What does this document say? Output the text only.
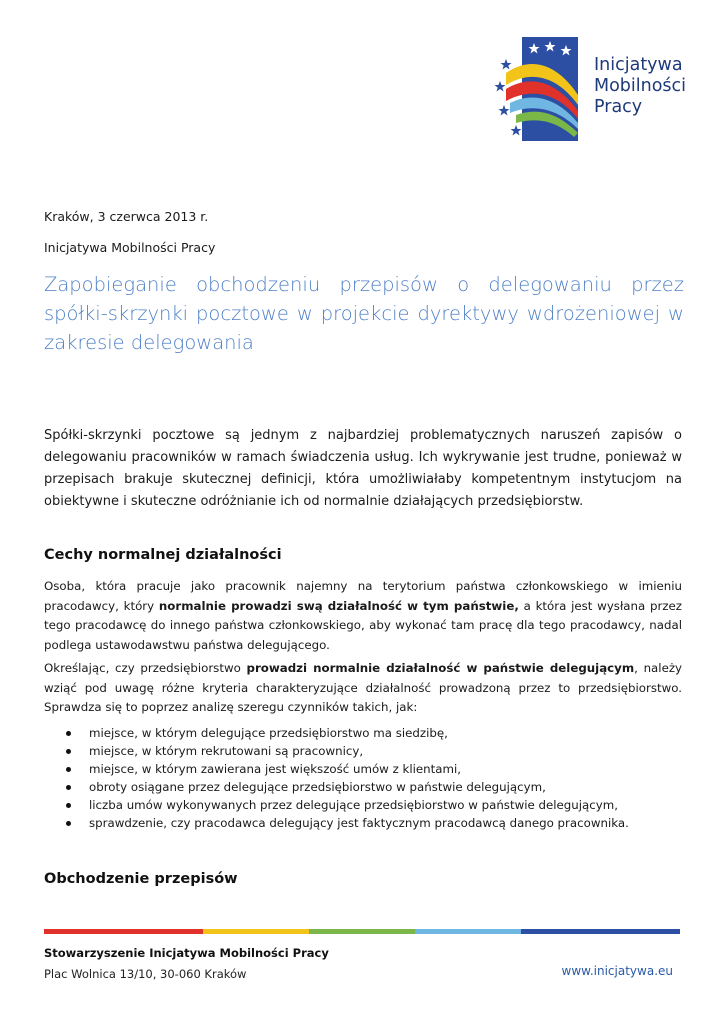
Inicjatywa
Mobilności
Pracy
Kraków, 3 czerwca 2013 r.
Inicjatywa Mobilności Pracy
Zapobieganie obchodzeniu przepisów o delegowaniu przez spółki-skrzynki pocztowe w projekcie dyrektywy wdrożeniowej w zakresie delegowania

Spółki-skrzynki pocztowe są jednym z najbardziej problematycznych naruszeń zapisów o delegowaniu pracowników w ramach świadczenia usług. Ich wykrywanie jest trudne, ponieważ w przepisach brakuje skutecznej definicji, która umożliwiałaby kompetentnym instytucjom na obiektywne i skuteczne odróżnianie ich od normalnie działających przedsiębiorstw.

Cechy normalnej działalności

Osoba, która pracuje jako pracownik najemny na terytorium państwa członkowskiego w imieniu pracodawcy, który normalnie prowadzi swą działalność w tym państwie, a która jest wysłana przez tego pracodawcę do innego państwa członkowskiego, aby wykonać tam pracę dla tego pracodawcy, nadal podlega ustawodawstwu państwa delegującego.

Określając, czy przedsiębiorstwo prowadzi normalnie działalność w państwie delegującym, należy wziąć pod uwagę różne kryteria charakteryzujące działalność prowadzoną przez to przedsiębiorstwo. Sprawdza się to poprzez analizę szeregu czynników takich, jak:

miejsce, w którym delegujące przedsiębiorstwo ma siedzibę,
miejsce, w którym rekrutowani są pracownicy,
miejsce, w którym zawierana jest większość umów z klientami,
obroty osiągane przez delegujące przedsiębiorstwo w państwie delegującym,
liczba umów wykonywanych przez delegujące przedsiębiorstwo w państwie delegującym,
sprawdzenie, czy pracodawca delegujący jest faktycznym pracodawcą danego pracownika.
Obchodzenie przepisów
Stowarzyszenie Inicjatywa Mobilności Pracy
Plac Wolnica 13/10, 30-060 Kraków	www.inicjatywa.eu
